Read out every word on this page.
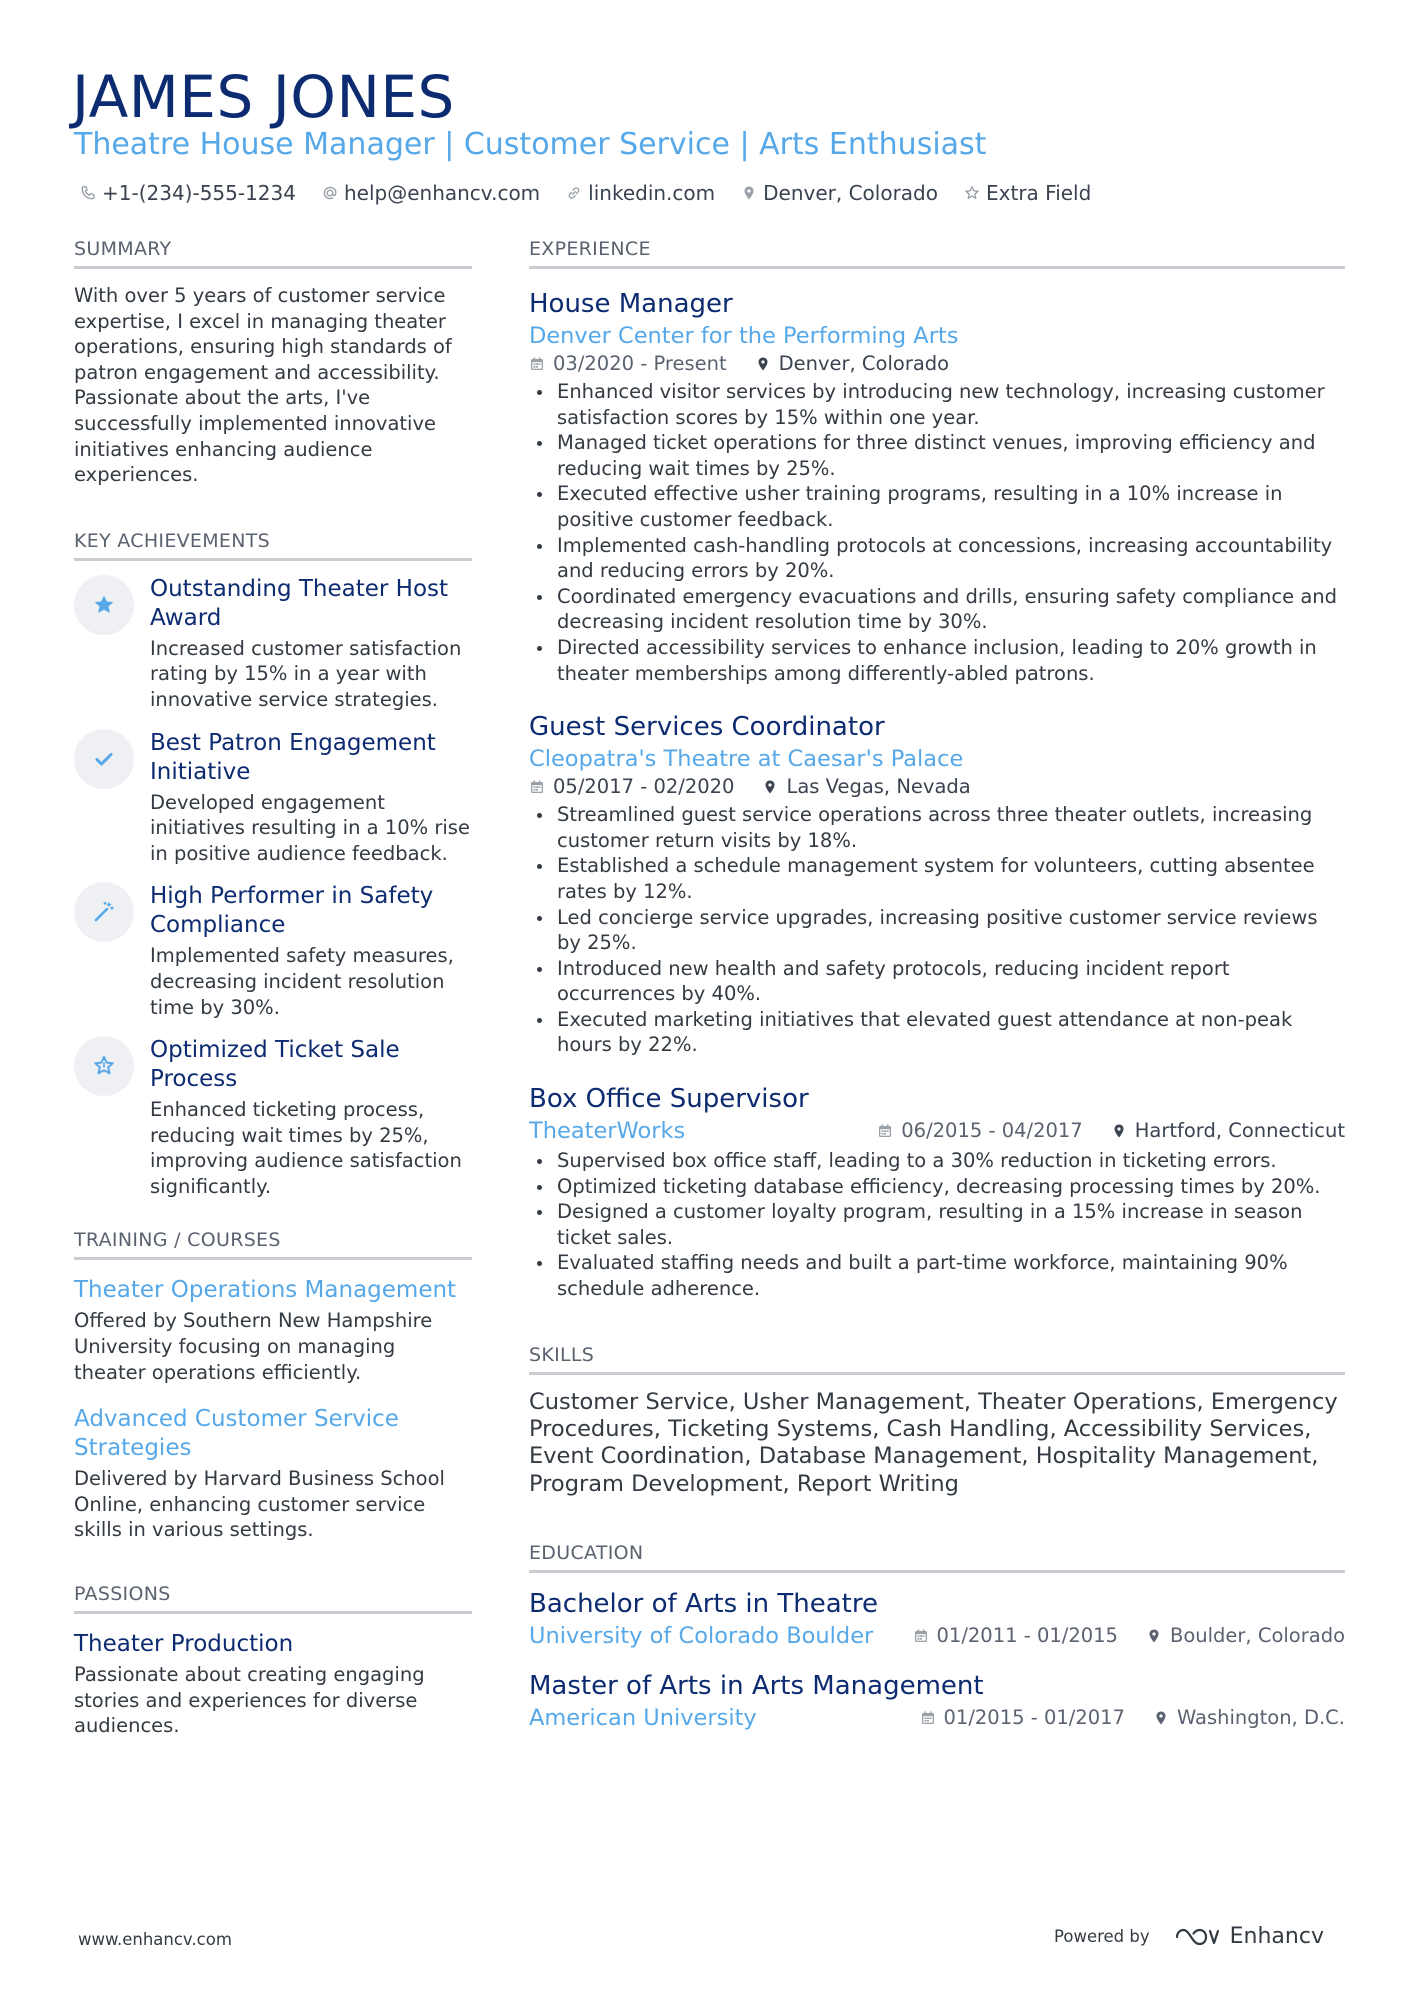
JAMES JONES
Theatre House Manager | Customer Service | Arts Enthusiast
+1-(234)-555-1234 help@enhancv.com linkedin.com Denver, Colorado Extra Field
SUMMARY
With over 5 years of customer service expertise, I excel in managing theater operations, ensuring high standards of patron engagement and accessibility. Passionate about the arts, I've successfully implemented innovative initiatives enhancing audience experiences.
KEY ACHIEVEMENTS
Outstanding Theater Host Award
Increased customer satisfaction rating by 15% in a year with innovative service strategies.
Best Patron Engagement Initiative
Developed engagement initiatives resulting in a 10% rise in positive audience feedback.
High Performer in Safety Compliance
Implemented safety measures, decreasing incident resolution time by 30%.
Optimized Ticket Sale Process
Enhanced ticketing process, reducing wait times by 25%, improving audience satisfaction significantly.
TRAINING / COURSES
Theater Operations Management
Offered by Southern New Hampshire University focusing on managing theater operations efficiently.
Advanced Customer Service Strategies
Delivered by Harvard Business School Online, enhancing customer service skills in various settings.
PASSIONS
Theater Production
Passionate about creating engaging stories and experiences for diverse audiences.
EXPERIENCE
House Manager
Denver Center for the Performing Arts
03/2020 - Present	Denver, Colorado
Enhanced visitor services by introducing new technology, increasing customer satisfaction scores by 15% within one year.
Managed ticket operations for three distinct venues, improving efficiency and reducing wait times by 25%.
Executed effective usher training programs, resulting in a 10% increase in positive customer feedback.
Implemented cash-handling protocols at concessions, increasing accountability and reducing errors by 20%.
Coordinated emergency evacuations and drills, ensuring safety compliance and decreasing incident resolution time by 30%.
Directed accessibility services to enhance inclusion, leading to 20% growth in theater memberships among differently-abled patrons.
Guest Services Coordinator
Cleopatra's Theatre at Caesar's Palace
05/2017 - 02/2020	Las Vegas, Nevada
Streamlined guest service operations across three theater outlets, increasing customer return visits by 18%.
Established a schedule management system for volunteers, cutting absentee rates by 12%.
Led concierge service upgrades, increasing positive customer service reviews by 25%.
Introduced new health and safety protocols, reducing incident report occurrences by 40%.
Executed marketing initiatives that elevated guest attendance at non-peak hours by 22%.
Box Office Supervisor
TheaterWorks	06/2015 - 04/2017	Hartford, Connecticut
Supervised box office staff, leading to a 30% reduction in ticketing errors.
Optimized ticketing database efficiency, decreasing processing times by 20%.
Designed a customer loyalty program, resulting in a 15% increase in season ticket sales.
Evaluated staffing needs and built a part-time workforce, maintaining 90% schedule adherence.
SKILLS
Customer Service, Usher Management, Theater Operations, Emergency Procedures, Ticketing Systems, Cash Handling, Accessibility Services, Event Coordination, Database Management, Hospitality Management, Program Development, Report Writing
EDUCATION
Bachelor of Arts in Theatre
University of Colorado Boulder	01/2011 - 01/2015	Boulder, Colorado
Master of Arts in Arts Management
American University	01/2015 - 01/2017	Washington, D.C.
www.enhancv.com	Powered by	Enhancv
